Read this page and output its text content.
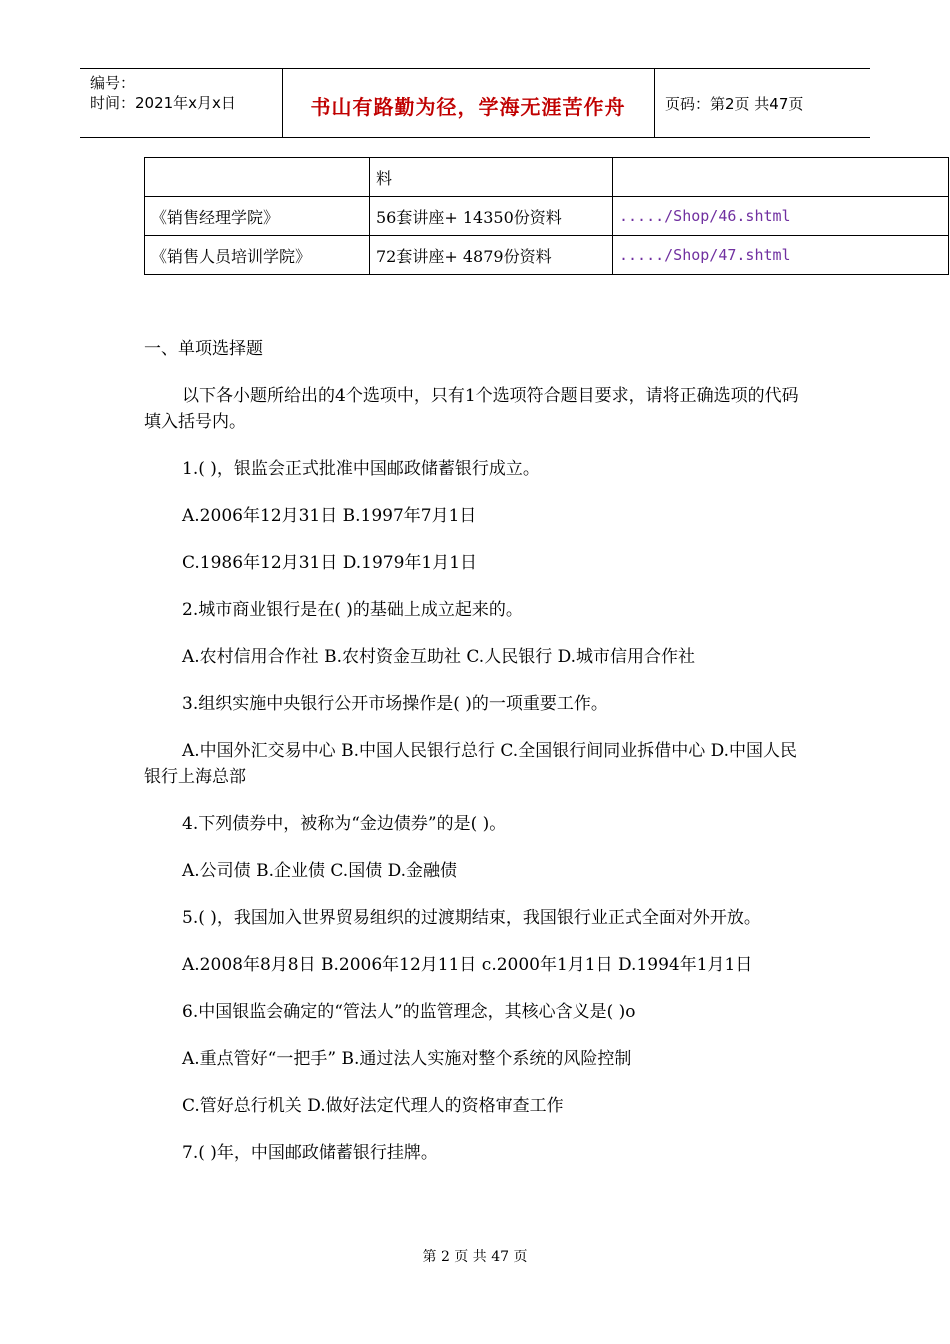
编号：
时间：2021年x月x日	书山有路勤为径，学海无涯苦作舟	页码：第2页 共47页
	料	
《销售经理学院》	56套讲座+ 14350份资料	...../Shop/46.shtml
《销售人员培训学院》	72套讲座+ 4879份资料	...../Shop/47.shtml

一、单项选择题

以下各小题所给出的4个选项中，只有1个选项符合题目要求，请将正确选项的代码填入括号内。

1.( )，银监会正式批准中国邮政储蓄银行成立。

A.2006年12月31日 B.1997年7月1日

C.1986年12月31日 D.1979年1月1日

2.城市商业银行是在( )的基础上成立起来的。

A.农村信用合作社 B.农村资金互助社 C.人民银行 D.城市信用合作社

3.组织实施中央银行公开市场操作是( )的一项重要工作。

A.中国外汇交易中心 B.中国人民银行总行 C.全国银行间同业拆借中心 D.中国人民银行上海总部

4.下列债券中，被称为“金边债券”的是( )。

A.公司债 B.企业债 C.国债 D.金融债

5.( )，我国加入世界贸易组织的过渡期结束，我国银行业正式全面对外开放。

A.2008年8月8日 B.2006年12月11日 c.2000年1月1日 D.1994年1月1日

6.中国银监会确定的“管法人”的监管理念，其核心含义是( )o

A.重点管好“一把手” B.通过法人实施对整个系统的风险控制

C.管好总行机关 D.做好法定代理人的资格审查工作

7.( )年，中国邮政储蓄银行挂牌。

第 2 页 共 47 页
